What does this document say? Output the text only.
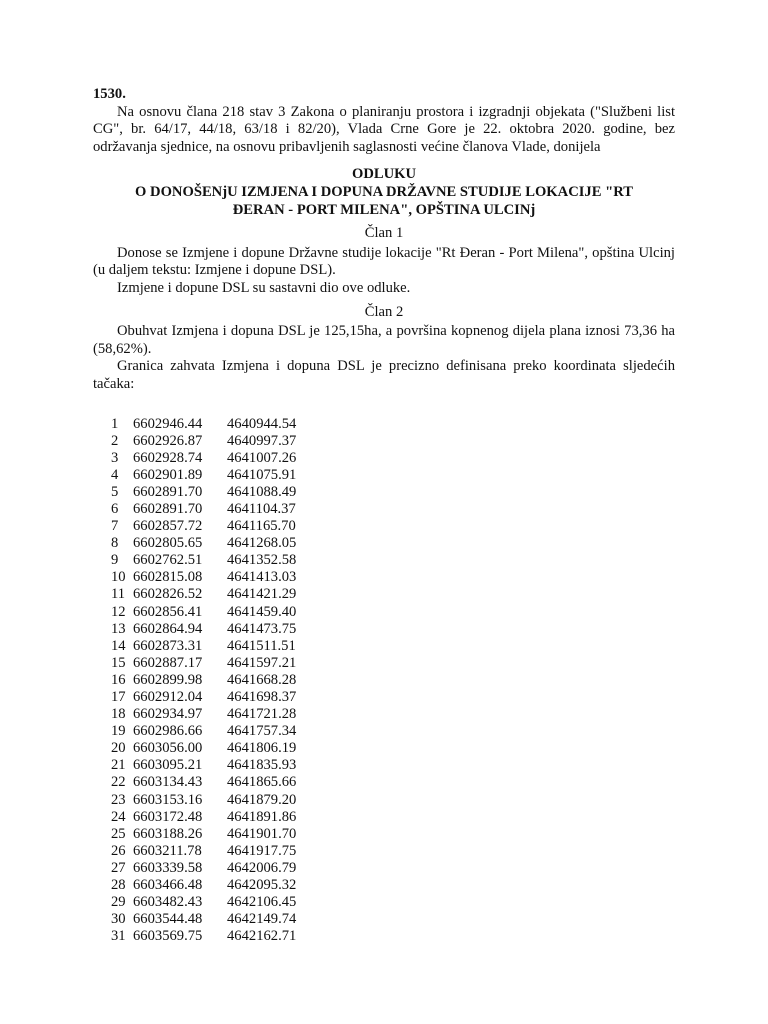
1530.

Na osnovu člana 218 stav 3 Zakona o planiranju prostora i izgradnji objekata ("Službeni list CG", br. 64/17, 44/18, 63/18 i 82/20), Vlada Crne Gore je 22. oktobra 2020. godine, bez održavanja sjednice, na osnovu pribavljenih saglasnosti većine članova Vlade, donijela

ODLUKU
O DONOŠENjU IZMJENA I DOPUNA DRŽAVNE STUDIJE LOKACIJE "RT
ĐERAN - PORT MILENA", OPŠTINA ULCINj
Član 1

Donose se Izmjene i dopune Državne studije lokacije "Rt Đeran - Port Milena", opština Ulcinj (u daljem tekstu: Izmjene i dopune DSL).

Izmjene i dopune DSL su sastavni dio ove odluke.

Član 2

Obuhvat Izmjena i dopuna DSL je 125,15ha, a površina kopnenog dijela plana iznosi 73,36 ha (58,62%).

Granica zahvata Izmjena i dopuna DSL je precizno definisana preko koordinata sljedećih tačaka:

1	6602946.44	4640944.54
2	6602926.87	4640997.37
3	6602928.74	4641007.26
4	6602901.89	4641075.91
5	6602891.70	4641088.49
6	6602891.70	4641104.37
7	6602857.72	4641165.70
8	6602805.65	4641268.05
9	6602762.51	4641352.58
10 6602815.08	4641413.03
11 6602826.52	4641421.29
12 6602856.41	4641459.40
13 6602864.94	4641473.75
14 6602873.31	4641511.51
15 6602887.17	4641597.21
16 6602899.98	4641668.28
17 6602912.04	4641698.37
18 6602934.97	4641721.28
19 6602986.66	4641757.34
20 6603056.00	4641806.19
21 6603095.21	4641835.93
22 6603134.43	4641865.66
23 6603153.16	4641879.20
24 6603172.48	4641891.86
25 6603188.26	4641901.70
26 6603211.78	4641917.75
27 6603339.58	4642006.79
28 6603466.48	4642095.32
29 6603482.43	4642106.45
30 6603544.48	4642149.74
31 6603569.75	4642162.71
